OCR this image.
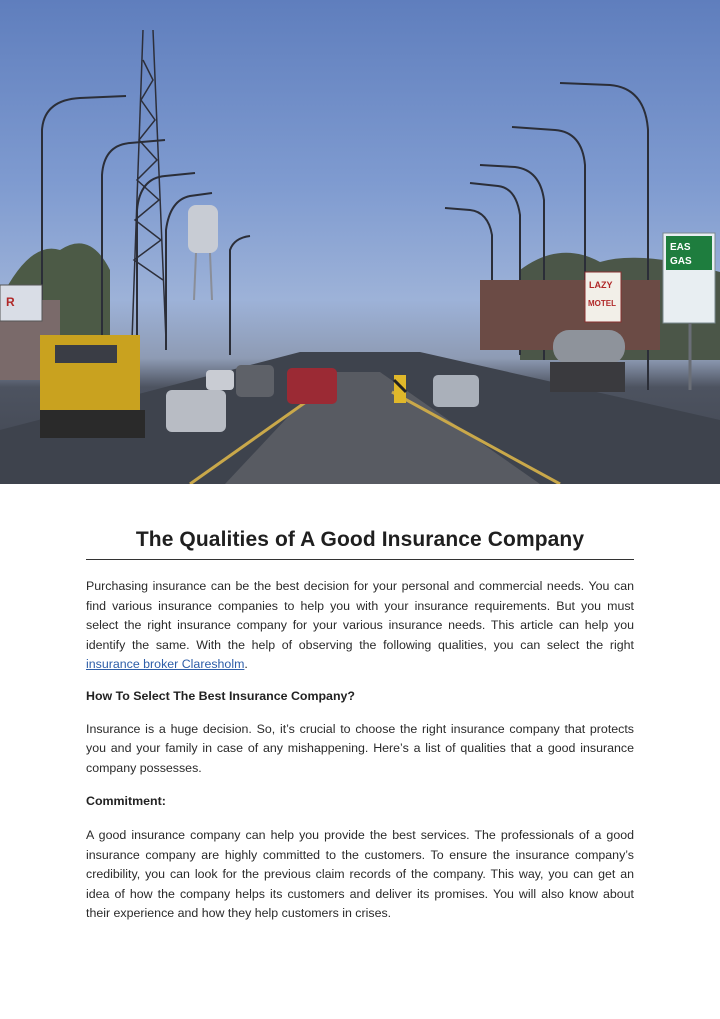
EAS
GAS
LAZY
MOTEL
R
The Qualities of A Good Insurance Company

Purchasing insurance can be the best decision for your personal and commercial needs. You can find various insurance companies to help you with your insurance requirements. But you must select the right insurance company for your various insurance needs. This article can help you identify the same. With the help of observing the following qualities, you can select the right insurance broker Claresholm.

How To Select The Best Insurance Company?

Insurance is a huge decision. So, it’s crucial to choose the right insurance company that protects you and your family in case of any mishappening. Here’s a list of qualities that a good insurance company possesses.

Commitment:

A good insurance company can help you provide the best services. The professionals of a good insurance company are highly committed to the customers. To ensure the insurance company’s credibility, you can look for the previous claim records of the company. This way, you can get an idea of how the company helps its customers and deliver its promises. You will also know about their experience and how they help customers in crises.
